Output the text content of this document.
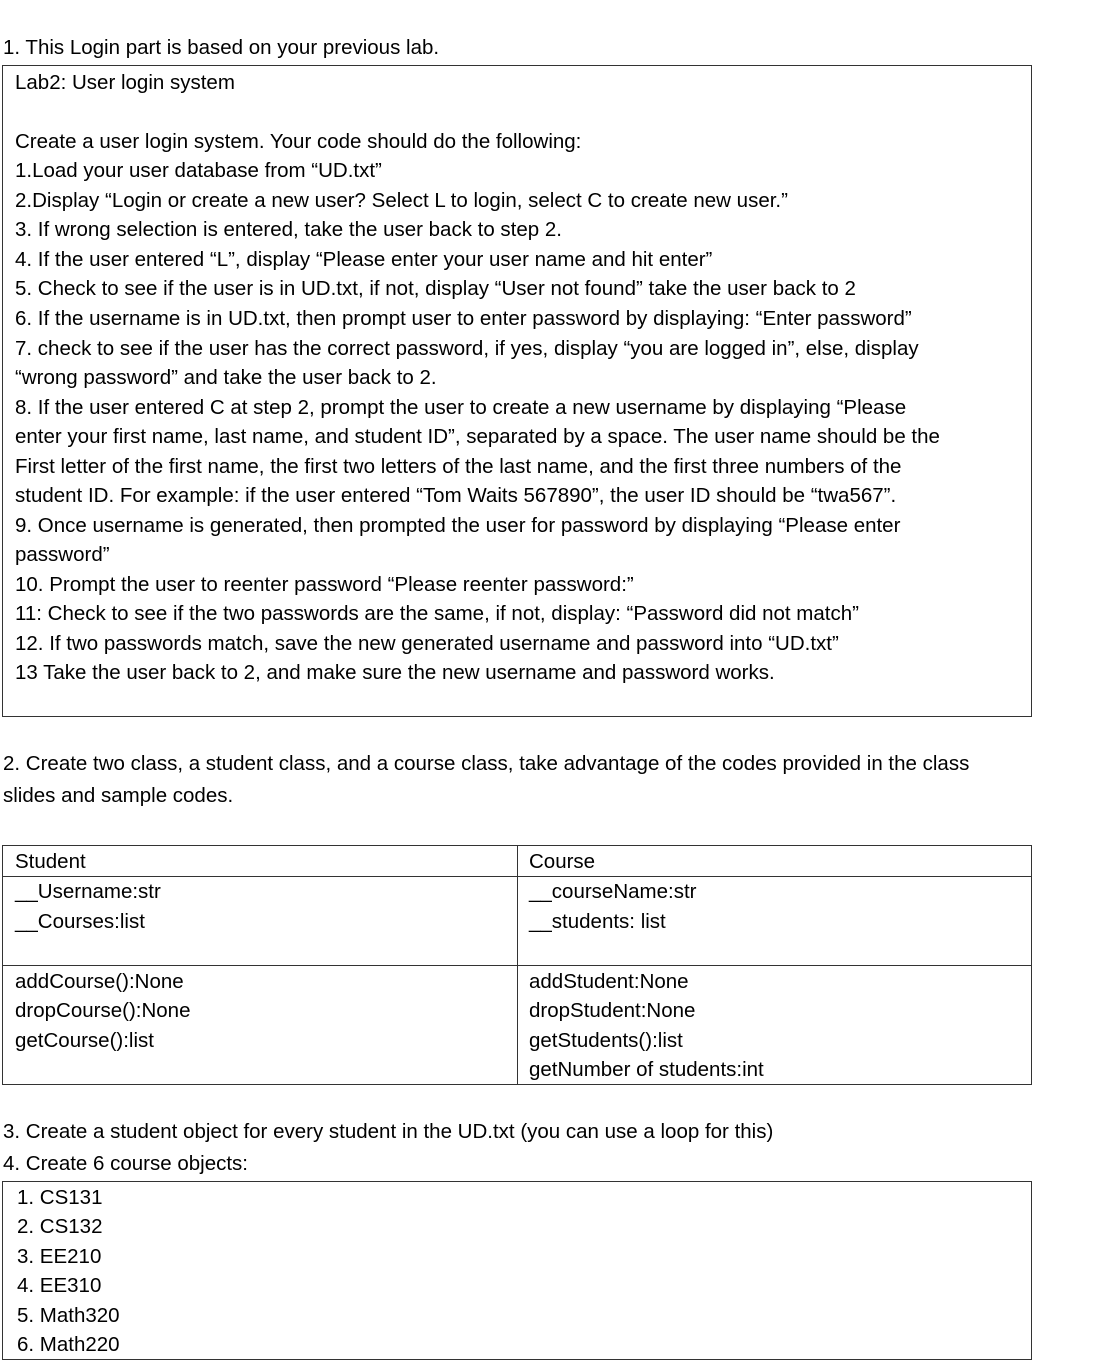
1. This Login part is based on your previous lab.
Lab2: User login system
Create a user login system. Your code should do the following:
1.Load your user database from “UD.txt”
2.Display “Login or create a new user? Select L to login, select C to create new user.”
3. If wrong selection is entered, take the user back to step 2.
4. If the user entered “L”, display “Please enter your user name and hit enter”
5. Check to see if the user is in UD.txt, if not, display “User not found” take the user back to 2
6. If the username is in UD.txt, then prompt user to enter password by displaying: “Enter password”
7. check to see if the user has the correct password, if yes, display “you are logged in”, else, display
“wrong password” and take the user back to 2.
8. If the user entered C at step 2, prompt the user to create a new username by displaying “Please
enter your first name, last name, and student ID”, separated by a space. The user name should be the
First letter of the first name, the first two letters of the last name, and the first three numbers of the
student ID. For example: if the user entered “Tom Waits 567890”, the user ID should be “twa567”.
9. Once username is generated, then prompted the user for password by displaying “Please enter
password”
10. Prompt the user to reenter password “Please reenter password:”
11: Check to see if the two passwords are the same, if not, display: “Password did not match”
12. If two passwords match, save the new generated username and password into “UD.txt”
13 Take the user back to 2, and make sure the new username and password works.
2. Create two class, a student class, and a course class, take advantage of the codes provided in the class
slides and sample codes.
Student
__Username:str
__Courses:list
addCourse():None
dropCourse():None
getCourse():list
Course
__courseName:str
__students: list
addStudent:None
dropStudent:None
getStudents():list
getNumber of students:int
3. Create a student object for every student in the UD.txt (you can use a loop for this)
4. Create 6 course objects:
1. CS131
2. CS132
3. EE210
4. EE310
5. Math320
6. Math220
